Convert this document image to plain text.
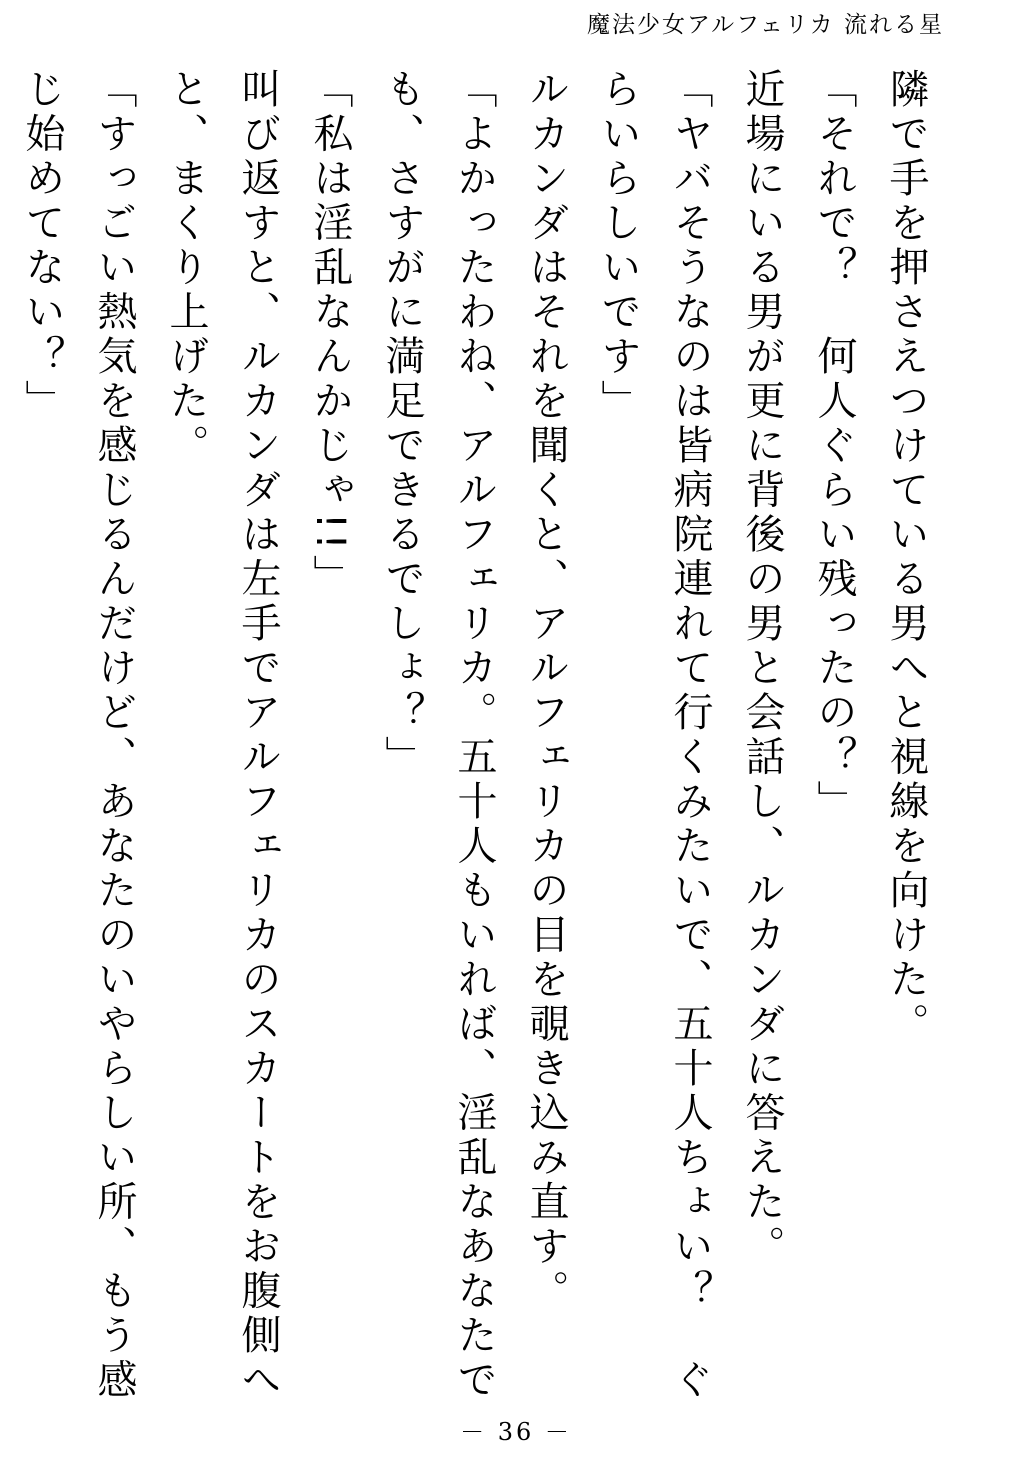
魔法少女アルフェリカ 流れる星

隣で手を押さえつけている男へと視線を向けた。

「それで？　何人ぐらい残ったの？」

近場にいる男が更に背後の男と会話し、ルカンダに答えた。

「ヤバそうなのは皆病院連れて行くみたいで、五十人ちょい？　ぐらいらしいです」

ルカンダはそれを聞くと、アルフェリカの目を覗き込み直す。

「よかったわね、アルフェリカ。五十人もいれば、淫乱なあなたでも、さすがに満足できるでしょ？」

「私は淫乱なんかじゃ!!」

叫び返すと、ルカンダは左手でアルフェリカのスカートをお腹側へと、まくり上げた。

「すっごい熱気を感じるんだけど、あなたのいやらしい所、もう感じ始めてない？」

－ 36 －
